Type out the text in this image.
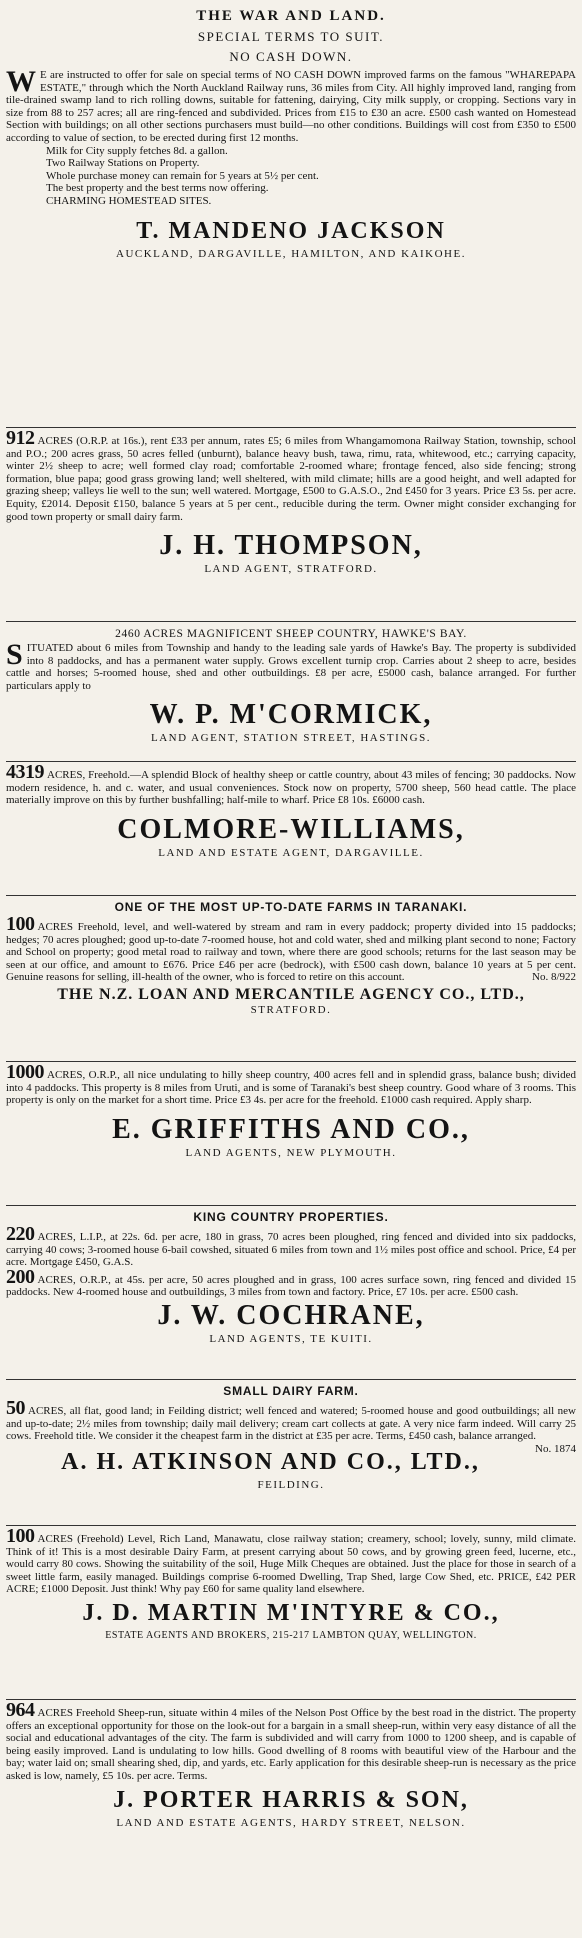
THE WAR AND LAND.
SPECIAL TERMS TO SUIT.
NO CASH DOWN.

W E are instructed to offer for sale on special terms of NO CASH DOWN improved farms on the famous "WHAREPAPA ESTATE," through which the North Auckland Railway runs, 36 miles from City. All highly improved land, ranging from tile-drained swamp land to rich rolling downs, suitable for fattening, dairying, City milk supply, or cropping. Sections vary in size from 88 to 257 acres; all are ring-fenced and subdivided. Prices from £15 to £30 an acre. £500 cash wanted on Homestead Section with buildings; on all other sections purchasers must build—no other conditions. Buildings will cost from £350 to £500 according to value of section, to be erected during first 12 months.

Milk for City supply fetches 8d. a gallon.

Two Railway Stations on Property.

Whole purchase money can remain for 5 years at 5½ per cent.

The best property and the best terms now offering.

CHARMING HOMESTEAD SITES.

T. MANDENO JACKSON
AUCKLAND, DARGAVILLE, HAMILTON, AND KAIKOHE.

912 ACRES (O.R.P. at 16s.), rent £33 per annum, rates £5; 6 miles from Whangamomona Railway Station, township, school and P.O.; 200 acres grass, 50 acres felled (unburnt), balance heavy bush, tawa, rimu, rata, whitewood, etc.; carrying capacity, winter 2½ sheep to acre; well formed clay road; comfortable 2-roomed whare; frontage fenced, also side fencing; strong formation, blue papa; good grass growing land; well sheltered, with mild climate; hills are a good height, and well adapted for grazing sheep; valleys lie well to the sun; well watered. Mortgage, £500 to G.A.S.O., 2nd £450 for 3 years. Price £3 5s. per acre. Equity, £2014. Deposit £150, balance 5 years at 5 per cent., reducible during the term. Owner might consider exchanging for good town property or small dairy farm.

J. H. THOMPSON,
LAND AGENT, STRATFORD.
2460 ACRES MAGNIFICENT SHEEP COUNTRY, HAWKE'S BAY.

SITUATED about 6 miles from Township and handy to the leading sale yards of Hawke's Bay. The property is subdivided into 8 paddocks, and has a permanent water supply. Grows excellent turnip crop. Carries about 2 sheep to acre, besides cattle and horses; 5-roomed house, shed and other outbuildings. £8 per acre, £5000 cash, balance arranged. For further particulars apply to

W. P. M'CORMICK,
LAND AGENT, STATION STREET, HASTINGS.

4319 ACRES, Freehold.—A splendid Block of healthy sheep or cattle country, about 43 miles of fencing; 30 paddocks. Now modern residence, h. and c. water, and usual conveniences. Stock now on property, 5700 sheep, 560 head cattle. The place materially improve on this by further bushfalling; half-mile to wharf. Price £8 10s. £6000 cash.

COLMORE-WILLIAMS,
LAND AND ESTATE AGENT, DARGAVILLE.
ONE OF THE MOST UP-TO-DATE FARMS IN TARANAKI.

100 ACRES Freehold, level, and well-watered by stream and ram in every paddock; property divided into 15 paddocks; hedges; 70 acres ploughed; good up-to-date 7-roomed house, hot and cold water, shed and milking plant second to none; Factory and School on property; good metal road to railway and town, where there are good schools; returns for the last season may be seen at our office, and amount to £676. Price £46 per acre (bedrock), with £500 cash down, balance 10 years at 5 per cent. Genuine reasons for selling, ill-health of the owner, who is forced to retire on this account.	No. 8/922

THE N.Z. LOAN AND MERCANTILE AGENCY CO., LTD.,
STRATFORD.

1000 ACRES, O.R.P., all nice undulating to hilly sheep country, 400 acres fell and in splendid grass, balance bush; divided into 4 paddocks. This property is 8 miles from Uruti, and is some of Taranaki's best sheep country. Good whare of 3 rooms. This property is only on the market for a short time. Price £3 4s. per acre for the freehold. £1000 cash required. Apply sharp.

E. GRIFFITHS AND CO.,
LAND AGENTS, NEW PLYMOUTH.
KING COUNTRY PROPERTIES.

220 ACRES, L.I.P., at 22s. 6d. per acre, 180 in grass, 70 acres been ploughed, ring fenced and divided into six paddocks, carrying 40 cows; 3-roomed house 6-bail cowshed, situated 6 miles from town and 1½ miles post office and school. Price, £4 per acre. Mortgage £450, G.A.S.

200 ACRES, O.R.P., at 45s. per acre, 50 acres ploughed and in grass, 100 acres surface sown, ring fenced and divided 15 paddocks. New 4-roomed house and outbuildings, 3 miles from town and factory. Price, £7 10s. per acre. £500 cash.

J. W. COCHRANE,
LAND AGENTS, TE KUITI.
SMALL DAIRY FARM.

50 ACRES, all flat, good land; in Feilding district; well fenced and watered; 5-roomed house and good outbuildings; all new and up-to-date; 2½ miles from township; daily mail delivery; cream cart collects at gate. A very nice farm indeed. Will carry 25 cows. Freehold title. We consider it the cheapest farm in the district at £35 per acre. Terms, £450 cash, balance arranged.
No. 1874

A. H. ATKINSON AND CO., LTD.,
FEILDING.

100 ACRES (Freehold) Level, Rich Land, Manawatu, close railway station; creamery, school; lovely, sunny, mild climate. Think of it! This is a most desirable Dairy Farm, at present carrying about 50 cows, and by growing green feed, lucerne, etc., would carry 80 cows. Showing the suitability of the soil, Huge Milk Cheques are obtained. Just the place for those in search of a sweet little farm, easily managed. Buildings comprise 6-roomed Dwelling, Trap Shed, large Cow Shed, etc. PRICE, £42 PER ACRE; £1000 Deposit. Just think! Why pay £60 for same quality land elsewhere.

J. D. MARTIN M'INTYRE & CO.,
ESTATE AGENTS AND BROKERS, 215-217 LAMBTON QUAY, WELLINGTON.

964 ACRES Freehold Sheep-run, situate within 4 miles of the Nelson Post Office by the best road in the district. The property offers an exceptional opportunity for those on the look-out for a bargain in a small sheep-run, within very easy distance of all the social and educational advantages of the city. The farm is subdivided and will carry from 1000 to 1200 sheep, and is capable of being easily improved. Land is undulating to low hills. Good dwelling of 8 rooms with beautiful view of the Harbour and the bay; water laid on; small shearing shed, dip, and yards, etc. Early application for this desirable sheep-run is necessary as the price asked is low, namely, £5 10s. per acre. Terms.

J. PORTER HARRIS & SON,
LAND AND ESTATE AGENTS, HARDY STREET, NELSON.
